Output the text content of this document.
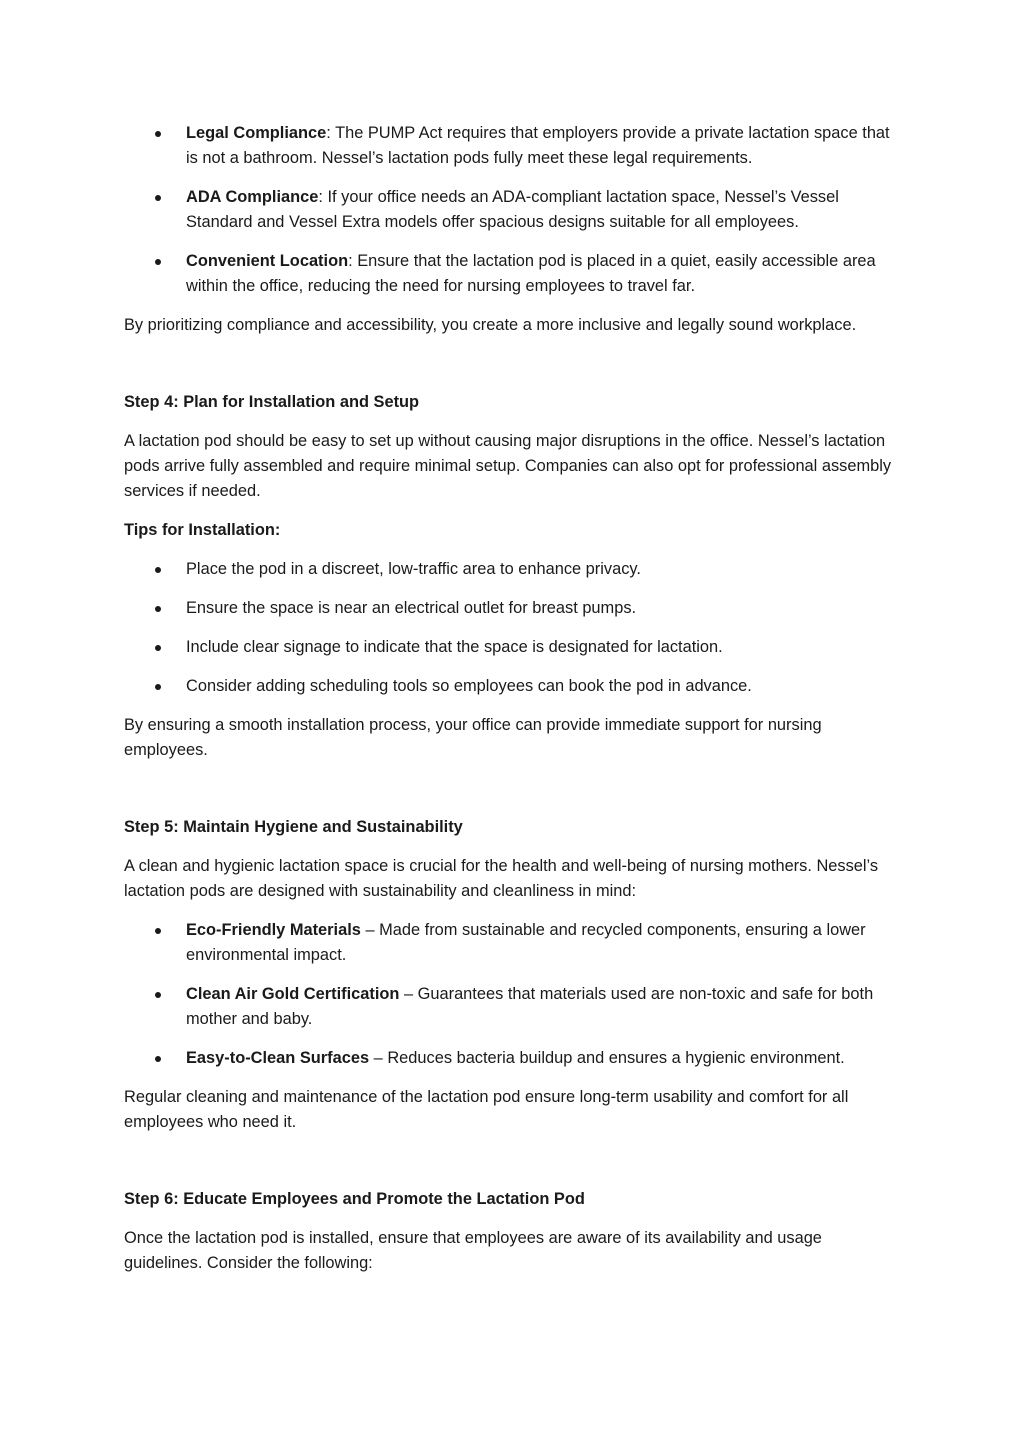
Legal Compliance: The PUMP Act requires that employers provide a private lactation space that is not a bathroom. Nessel’s lactation pods fully meet these legal requirements.
ADA Compliance: If your office needs an ADA-compliant lactation space, Nessel’s Vessel Standard and Vessel Extra models offer spacious designs suitable for all employees.
Convenient Location: Ensure that the lactation pod is placed in a quiet, easily accessible area within the office, reducing the need for nursing employees to travel far.

By prioritizing compliance and accessibility, you create a more inclusive and legally sound workplace.

Step 4: Plan for Installation and Setup

A lactation pod should be easy to set up without causing major disruptions in the office. Nessel’s lactation pods arrive fully assembled and require minimal setup. Companies can also opt for professional assembly services if needed.

Tips for Installation:
Place the pod in a discreet, low-traffic area to enhance privacy.
Ensure the space is near an electrical outlet for breast pumps.
Include clear signage to indicate that the space is designated for lactation.
Consider adding scheduling tools so employees can book the pod in advance.

By ensuring a smooth installation process, your office can provide immediate support for nursing employees.

Step 5: Maintain Hygiene and Sustainability

A clean and hygienic lactation space is crucial for the health and well-being of nursing mothers. Nessel’s lactation pods are designed with sustainability and cleanliness in mind:

Eco-Friendly Materials – Made from sustainable and recycled components, ensuring a lower environmental impact.
Clean Air Gold Certification – Guarantees that materials used are non-toxic and safe for both mother and baby.
Easy-to-Clean Surfaces – Reduces bacteria buildup and ensures a hygienic environment.

Regular cleaning and maintenance of the lactation pod ensure long-term usability and comfort for all employees who need it.

Step 6: Educate Employees and Promote the Lactation Pod

Once the lactation pod is installed, ensure that employees are aware of its availability and usage guidelines. Consider the following:
